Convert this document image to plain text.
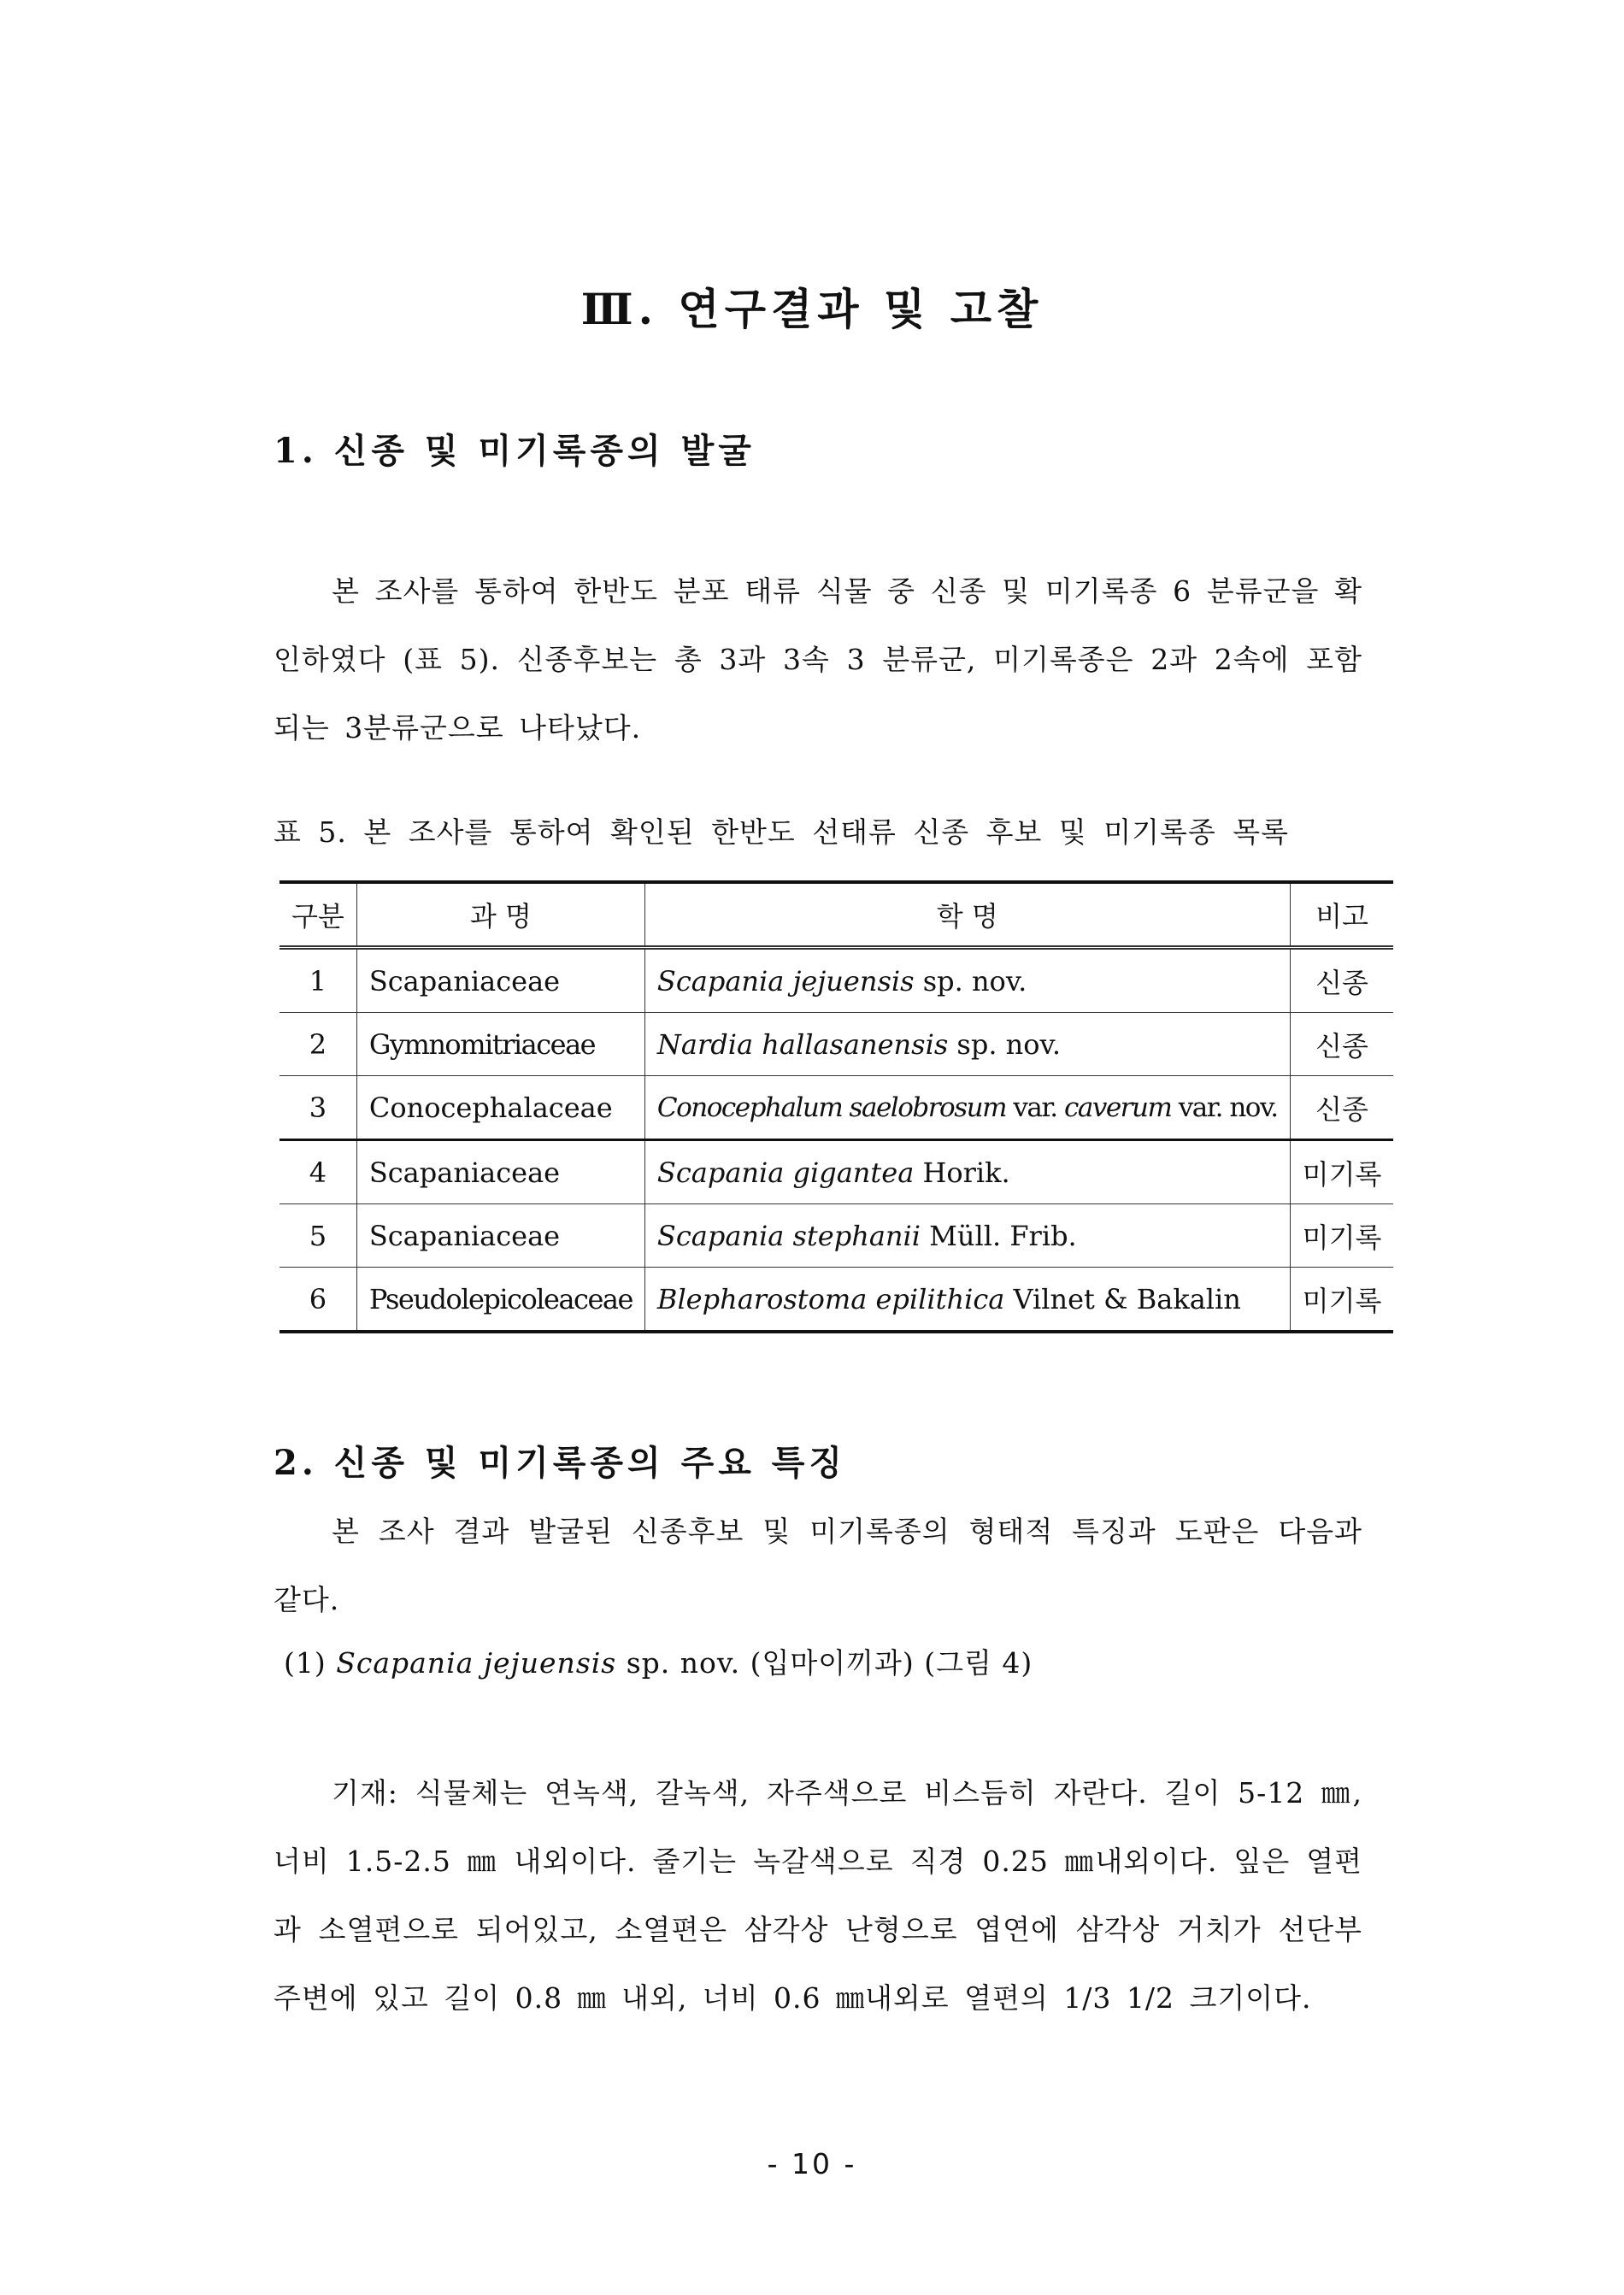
Ⅲ. 연구결과 및 고찰
1. 신종 및 미기록종의 발굴

본 조사를 통하여 한반도 분포 태류 식물 중 신종 및 미기록종 6 분류군을 확인하였다 (표 5). 신종후보는 총 3과 3속 3 분류군, 미기록종은 2과 2속에 포함되는 3분류군으로 나타났다.

표 5. 본 조사를 통하여 확인된 한반도 선태류 신종 후보 및 미기록종 목록
구분	과 명	학 명	비고
1	Scapaniaceae	Scapania jejuensis sp. nov.	신종
2	Gymnomitriaceae	Nardia hallasanensis sp. nov.	신종
3	Conocephalaceae	Conocephalum saelobrosum var. caverum var. nov.	신종
4	Scapaniaceae	Scapania gigantea Horik.	미기록
5	Scapaniaceae	Scapania stephanii Müll. Frib.	미기록
6	Pseudolepicoleaceae	Blepharostoma epilithica Vilnet & Bakalin	미기록
2. 신종 및 미기록종의 주요 특징

본 조사 결과 발굴된 신종후보 및 미기록종의 형태적 특징과 도판은 다음과 같다.

(1) Scapania jejuensis sp. nov. (입마이끼과) (그림 4)

기재: 식물체는 연녹색, 갈녹색, 자주색으로 비스듬히 자란다. 길이 5-12 ㎜, 너비 1.5-2.5 ㎜ 내외이다. 줄기는 녹갈색으로 직경 0.25 ㎜내외이다. 잎은 열편과 소열편으로 되어있고, 소열편은 삼각상 난형으로 엽연에 삼각상 거치가 선단부 주변에 있고 길이 0.8 ㎜ 내외, 너비 0.6 ㎜내외로 열편의 1/3 1/2 크기이다.

- 10 -
